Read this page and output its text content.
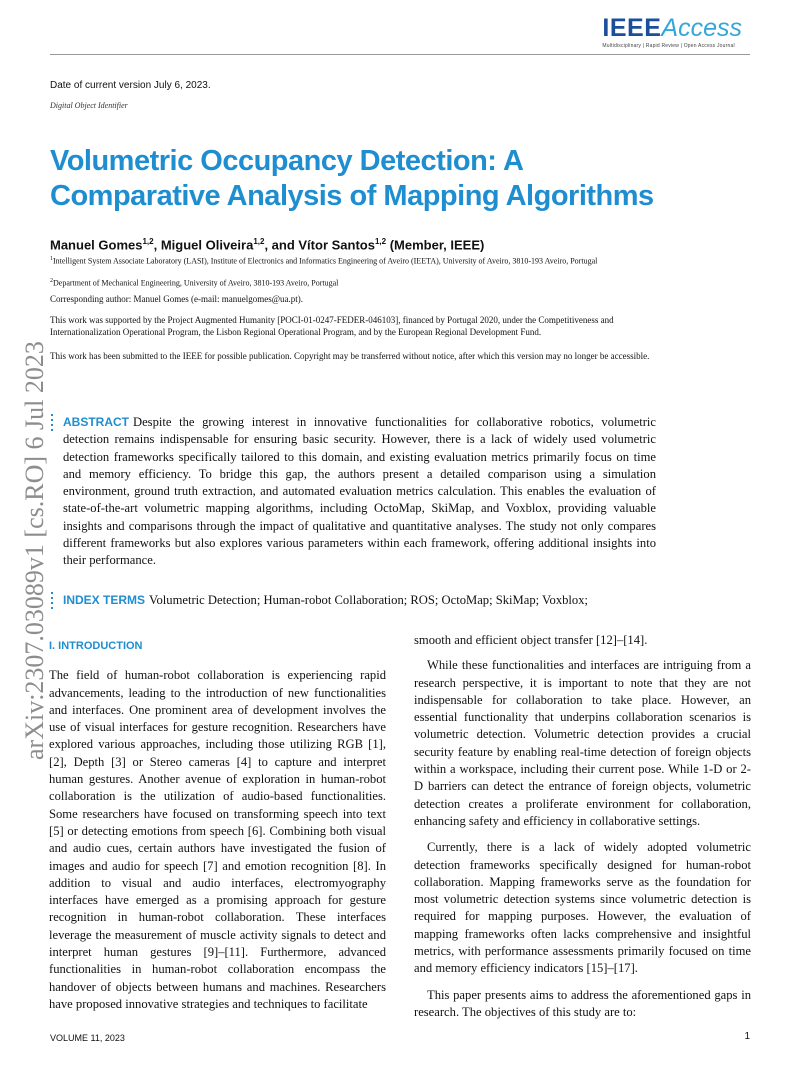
IEEEAccess
Multidisciplinary | Rapid Review | Open Access Journal
Date of current version July 6, 2023.
Digital Object Identifier
Volumetric Occupancy Detection: A Comparative Analysis of Mapping Algorithms
Manuel Gomes$^{1,2}$, Miguel Oliveira$^{1,2}$, and Vítor Santos$^{1,2}$ (Member, IEEE)
$^1$Intelligent System Associate Laboratory (LASI), Institute of Electronics and Informatics Engineering of Aveiro (IEETA), University of Aveiro, 3810-193 Aveiro, Portugal
$^2$Department of Mechanical Engineering, University of Aveiro, 3810-193 Aveiro, Portugal
Corresponding author: Manuel Gomes (e-mail: manuelgomes@ua.pt).
This work was supported by the Project Augmented Humanity [POCI-01-0247-FEDER-046103], financed by Portugal 2020, under the Competitiveness and Internationalization Operational Program, the Lisbon Regional Operational Program, and by the European Regional Development Fund.
This work has been submitted to the IEEE for possible publication. Copyright may be transferred without notice, after which this version may no longer be accessible.
arXiv:2307.03089v1 [cs.RO] 6 Jul 2023 ABSTRACT Despite the growing interest in innovative functionalities for collaborative robotics, volumetric detection remains indispensable for ensuring basic security. However, there is a lack of widely used volumetric detection frameworks specifically tailored to this domain, and existing evaluation metrics primarily focus on time and memory efficiency. To bridge this gap, the authors present a detailed comparison using a simulation environment, ground truth extraction, and automated evaluation metrics calculation. This enables the evaluation of state-of-the-art volumetric mapping algorithms, including OctoMap, SkiMap, and Voxblox, providing valuable insights and comparisons through the impact of qualitative and quantitative analyses. The study not only compares different frameworks but also explores various parameters within each framework, offering additional insights into their performance.
INDEX TERMS Volumetric Detection; Human-robot Collaboration; ROS; OctoMap; SkiMap; Voxblox;
I. INTRODUCTION

The field of human-robot collaboration is experiencing rapid advancements, leading to the introduction of new functionalities and interfaces. One prominent area of development involves the use of visual interfaces for gesture recognition. Researchers have explored various approaches, including those utilizing RGB [1], [2], Depth [3] or Stereo cameras [4] to capture and interpret human gestures. Another avenue of exploration in human-robot collaboration is the utilization of audio-based functionalities. Some researchers have focused on transforming speech into text [5] or detecting emotions from speech [6]. Combining both visual and audio cues, certain authors have investigated the fusion of images and audio for speech [7] and emotion recognition [8]. In addition to visual and audio interfaces, electromyography interfaces have emerged as a promising approach for gesture recognition in human-robot collaboration. These interfaces leverage the measurement of muscle activity signals to detect and interpret human gestures [9]–[11]. Furthermore, advanced functionalities in human-robot collaboration encompass the handover of objects between humans and machines. Researchers have proposed innovative strategies and techniques to facilitate

smooth and efficient object transfer [12]–[14].

While these functionalities and interfaces are intriguing from a research perspective, it is important to note that they are not indispensable for collaboration to take place. However, an essential functionality that underpins collaboration scenarios is volumetric detection. Volumetric detection provides a crucial security feature by enabling real-time detection of foreign objects within a workspace, including their current pose. While 1-D or 2-D barriers can detect the entrance of foreign objects, volumetric detection creates a proliferate environment for collaboration, enhancing safety and efficiency in collaborative settings.

Currently, there is a lack of widely adopted volumetric detection frameworks specifically designed for human-robot collaboration. Mapping frameworks serve as the foundation for most volumetric detection systems since volumetric detection is required for mapping purposes. However, the evaluation of mapping frameworks often lacks comprehensive and insightful metrics, with performance assessments primarily focused on time and memory efficiency indicators [15]–[17].

This paper presents aims to address the aforementioned gaps in research. The objectives of this study are to:

VOLUME 11, 2023	1
